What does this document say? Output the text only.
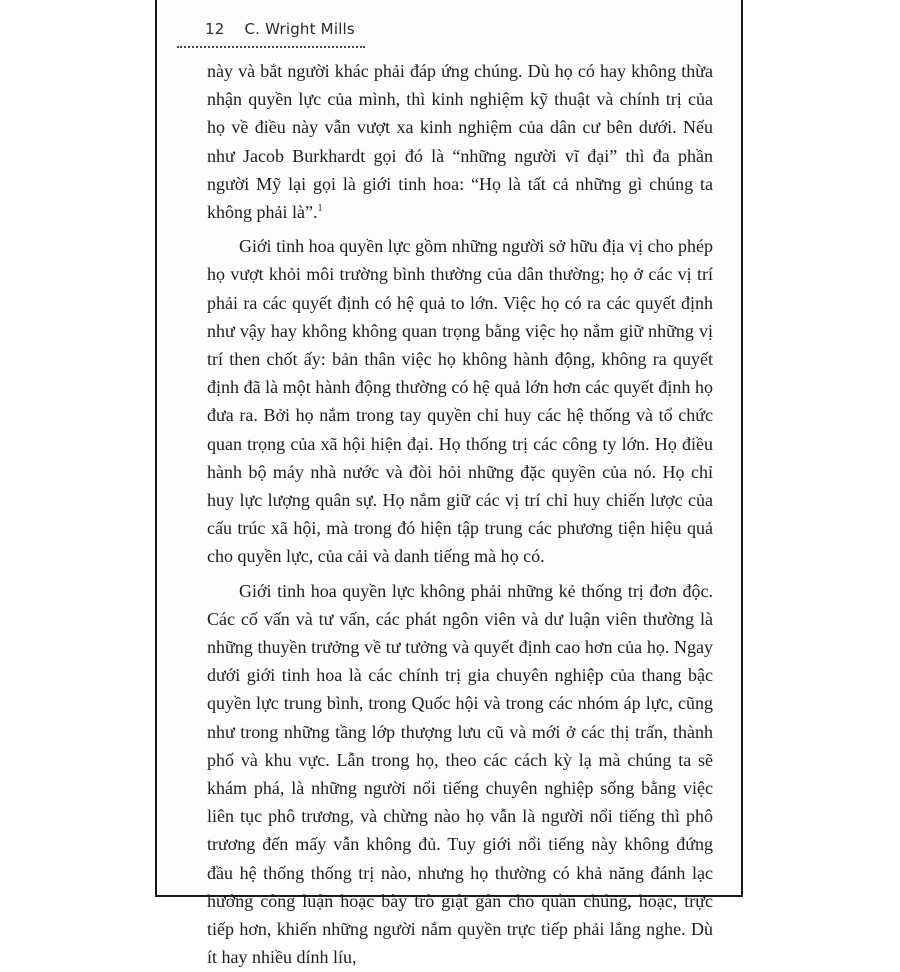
12 C. Wright Mills

này và bắt người khác phải đáp ứng chúng. Dù họ có hay không thừa nhận quyền lực của mình, thì kinh nghiệm kỹ thuật và chính trị của họ về điều này vẫn vượt xa kinh nghiệm của dân cư bên dưới. Nếu như Jacob Burkhardt gọi đó là “những người vĩ đại” thì đa phần người Mỹ lại gọi là giới tinh hoa: “Họ là tất cả những gì chúng ta không phải là”.$^1$

Giới tinh hoa quyền lực gồm những người sở hữu địa vị cho phép họ vượt khỏi môi trường bình thường của dân thường; họ ở các vị trí phải ra các quyết định có hệ quả to lớn. Việc họ có ra các quyết định như vậy hay không không quan trọng bằng việc họ nắm giữ những vị trí then chốt ấy: bản thân việc họ không hành động, không ra quyết định đã là một hành động thường có hệ quả lớn hơn các quyết định họ đưa ra. Bởi họ nắm trong tay quyền chỉ huy các hệ thống và tổ chức quan trọng của xã hội hiện đại. Họ thống trị các công ty lớn. Họ điều hành bộ máy nhà nước và đòi hỏi những đặc quyền của nó. Họ chỉ huy lực lượng quân sự. Họ nắm giữ các vị trí chỉ huy chiến lược của cấu trúc xã hội, mà trong đó hiện tập trung các phương tiện hiệu quả cho quyền lực, của cải và danh tiếng mà họ có.

Giới tinh hoa quyền lực không phải những kẻ thống trị đơn độc. Các cố vấn và tư vấn, các phát ngôn viên và dư luận viên thường là những thuyền trưởng về tư tưởng và quyết định cao hơn của họ. Ngay dưới giới tinh hoa là các chính trị gia chuyên nghiệp của thang bậc quyền lực trung bình, trong Quốc hội và trong các nhóm áp lực, cũng như trong những tầng lớp thượng lưu cũ và mới ở các thị trấn, thành phố và khu vực. Lẫn trong họ, theo các cách kỳ lạ mà chúng ta sẽ khám phá, là những người nổi tiếng chuyên nghiệp sống bằng việc liên tục phô trương, và chừng nào họ vẫn là người nổi tiếng thì phô trương đến mấy vẫn không đủ. Tuy giới nổi tiếng này không đứng đầu hệ thống thống trị nào, nhưng họ thường có khả năng đánh lạc hướng công luận hoặc bày trò giật gân cho quần chúng, hoặc, trực tiếp hơn, khiến những người nắm quyền trực tiếp phải lắng nghe. Dù ít hay nhiều dính líu,
